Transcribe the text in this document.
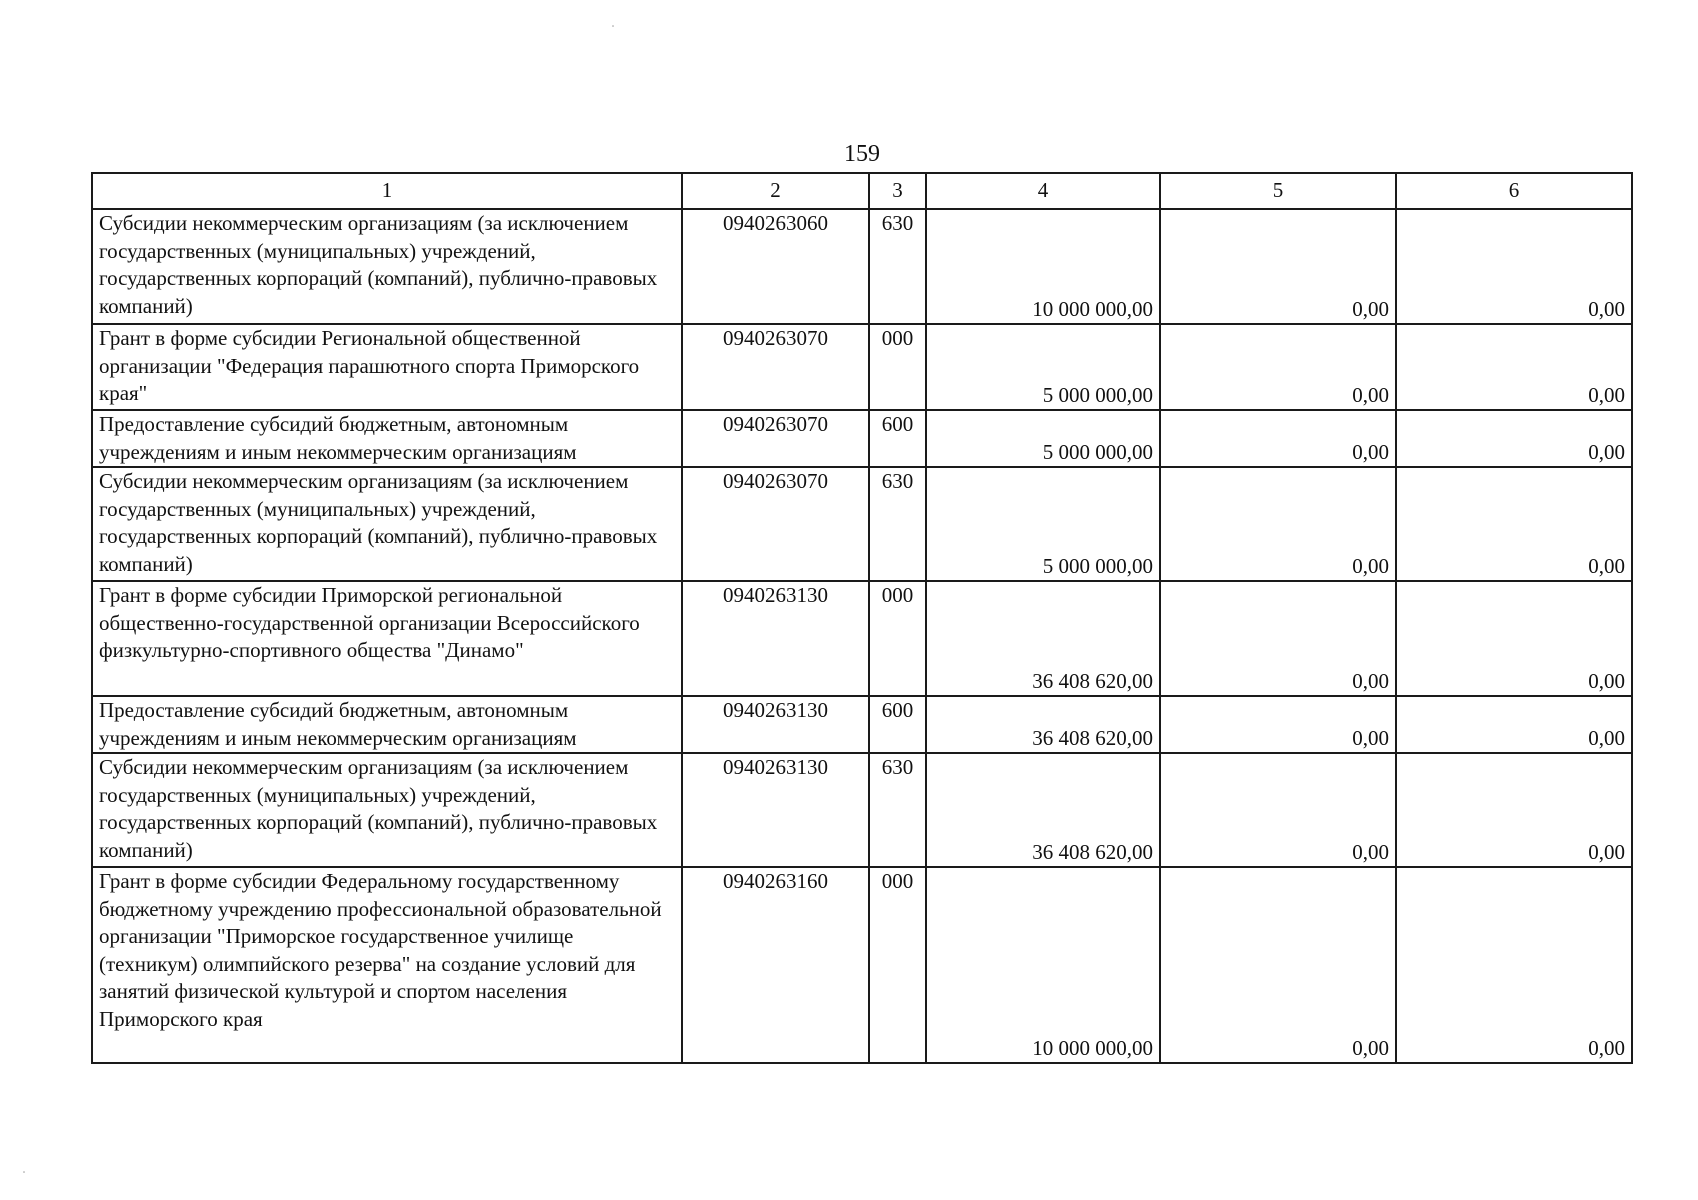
159
1	2	3	4	5	6
Субсидии некоммерческим организациям (за исключением государственных (муниципальных) учреждений, государственных корпораций (компаний), публично-правовых компаний)	0940263060	630	10 000 000,00	0,00	0,00
Грант в форме субсидии Региональной общественной организации "Федерация парашютного спорта Приморского края"	0940263070	000	5 000 000,00	0,00	0,00
Предоставление субсидий бюджетным, автономным учреждениям и иным некоммерческим организациям	0940263070	600	5 000 000,00	0,00	0,00
Субсидии некоммерческим организациям (за исключением государственных (муниципальных) учреждений, государственных корпораций (компаний), публично-правовых компаний)	0940263070	630	5 000 000,00	0,00	0,00
Грант в форме субсидии Приморской региональной общественно-государственной организации Всероссийского физкультурно-спортивного общества "Динамо"	0940263130	000	36 408 620,00	0,00	0,00
Предоставление субсидий бюджетным, автономным учреждениям и иным некоммерческим организациям	0940263130	600	36 408 620,00	0,00	0,00
Субсидии некоммерческим организациям (за исключением государственных (муниципальных) учреждений, государственных корпораций (компаний), публично-правовых компаний)	0940263130	630	36 408 620,00	0,00	0,00
Грант в форме субсидии Федеральному государственному бюджетному учреждению профессиональной образовательной организации "Приморское государственное училище (техникум) олимпийского резерва" на создание условий для занятий физической культурой и спортом населения Приморского края	0940263160	000	10 000 000,00	0,00	0,00
